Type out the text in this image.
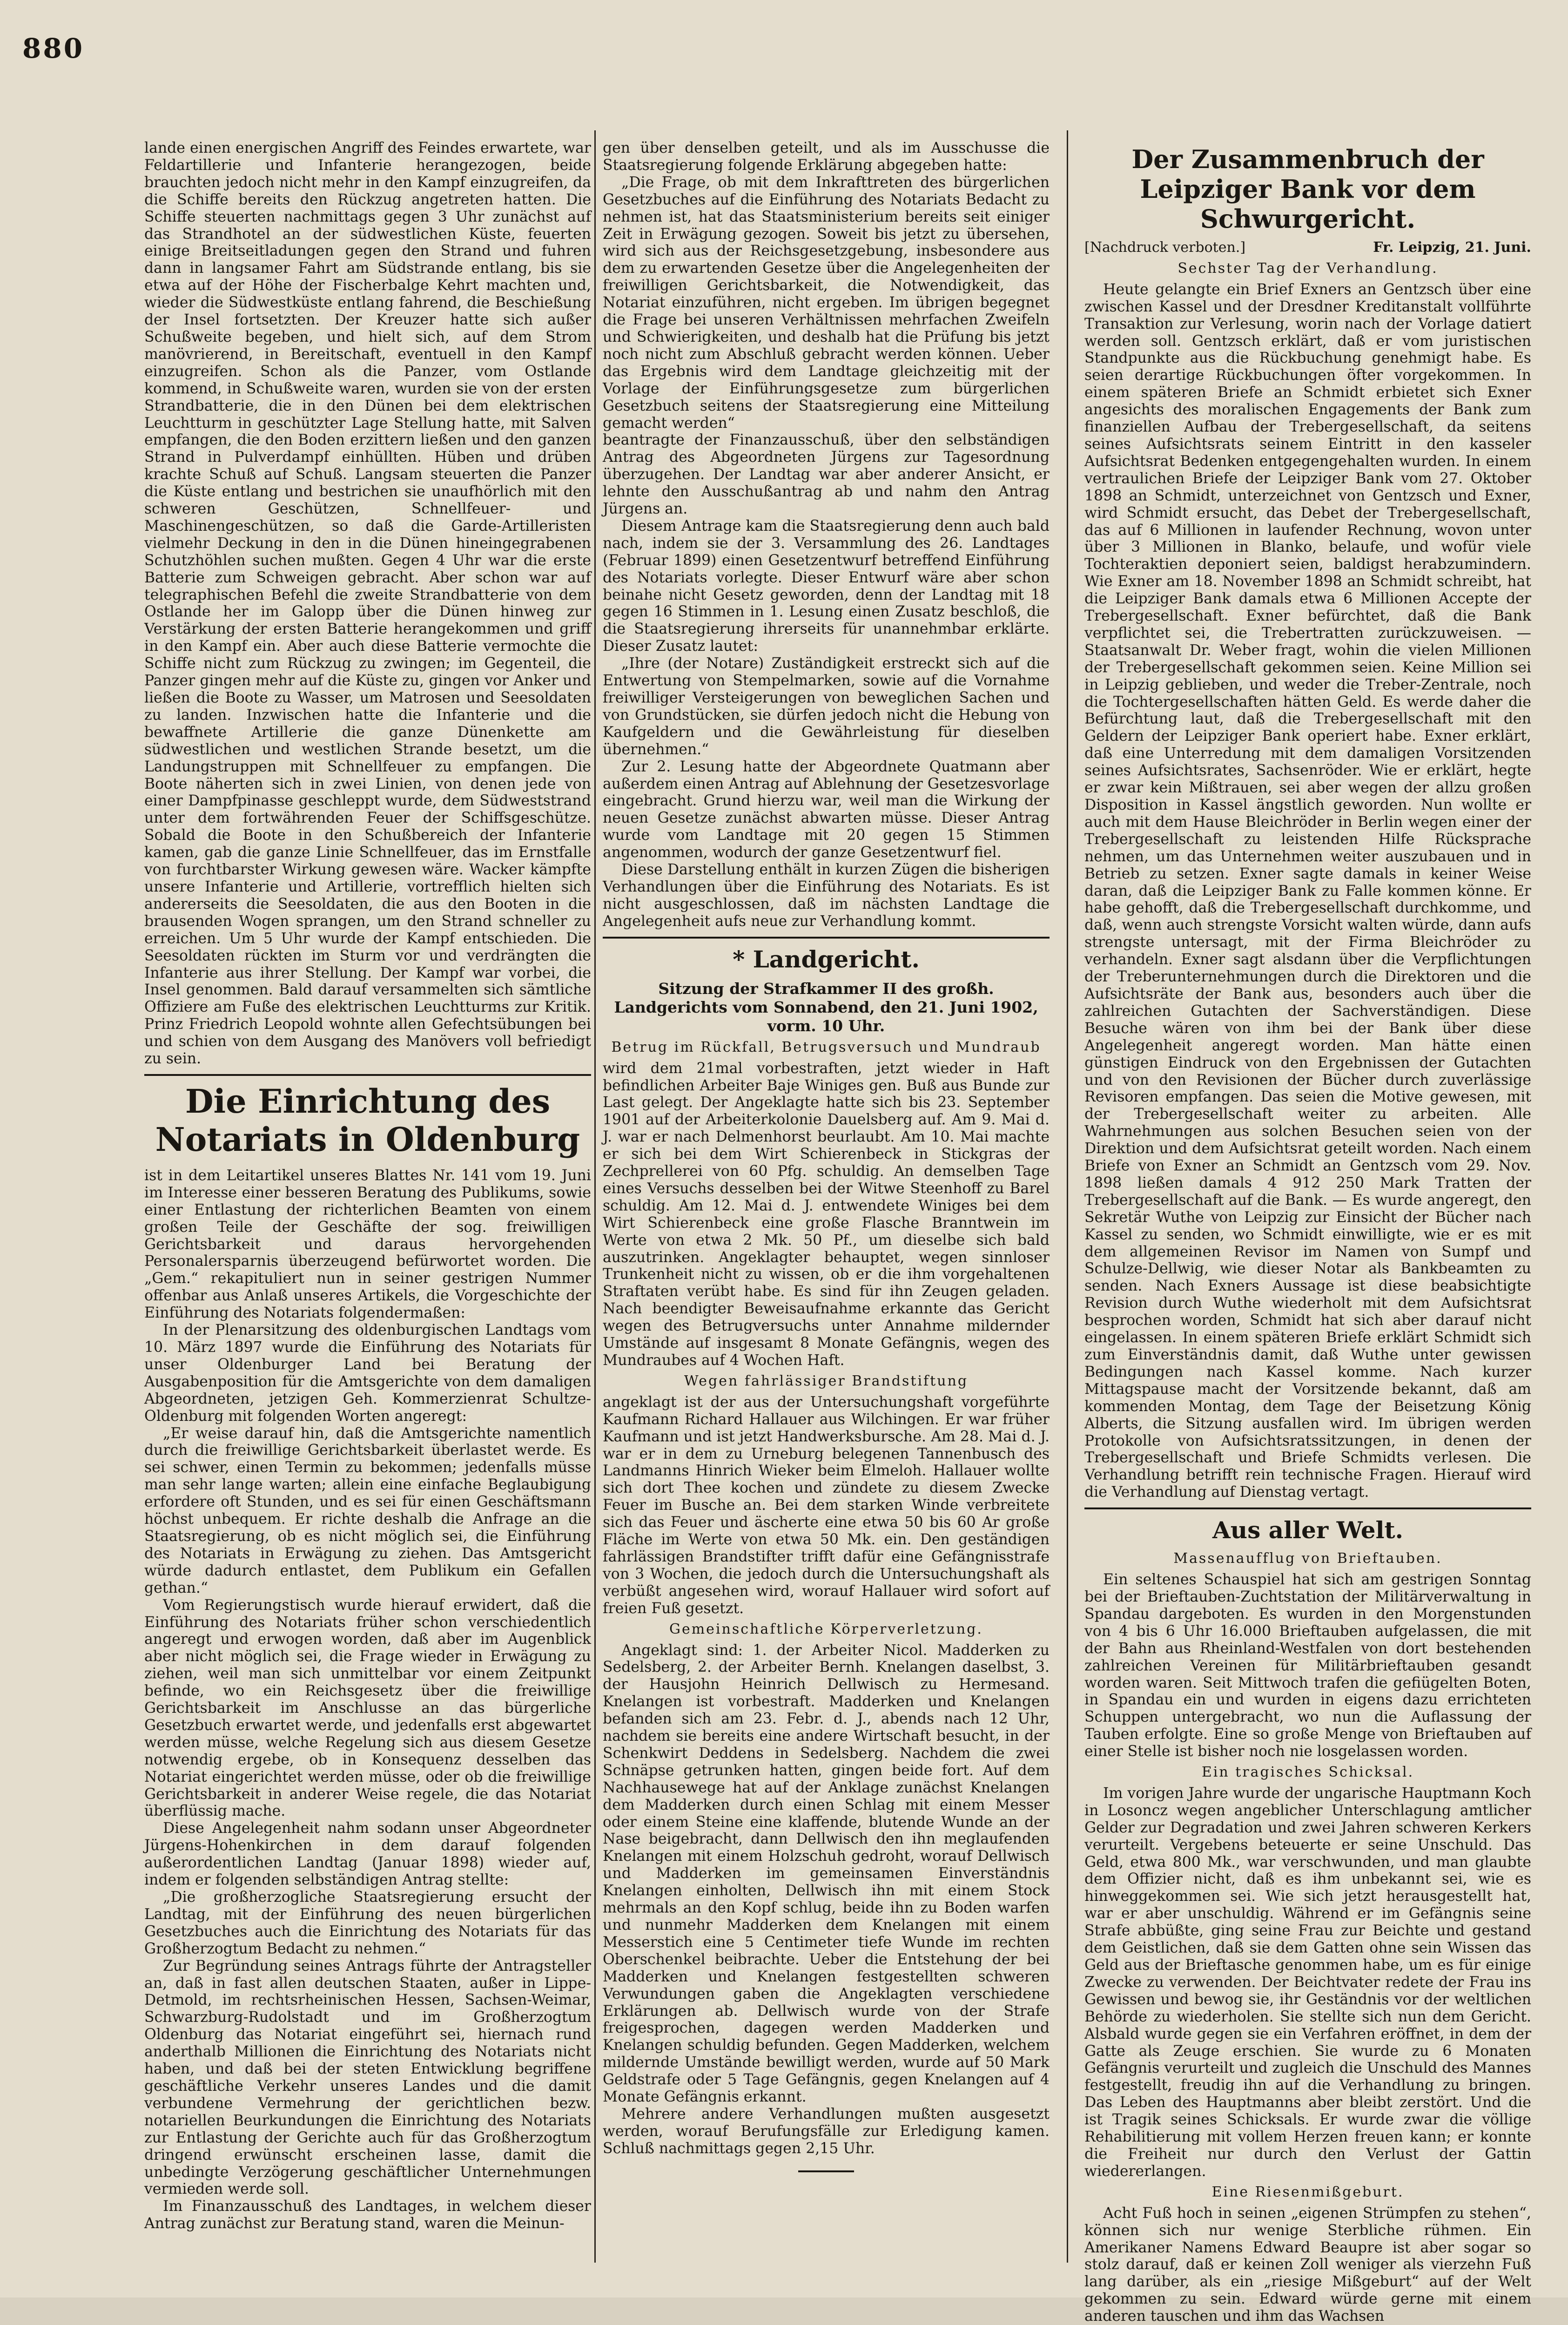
880

lande einen energischen Angriff des Feindes erwartete, war Feldartillerie und Infanterie herangezogen, beide brauchten jedoch nicht mehr in den Kampf einzugreifen, da die Schiffe bereits den Rückzug angetreten hatten. Die Schiffe steuerten nachmittags gegen 3 Uhr zunächst auf das Strandhotel an der südwestlichen Küste, feuerten einige Breitseitladungen gegen den Strand und fuhren dann in langsamer Fahrt am Südstrande entlang, bis sie etwa auf der Höhe der Fischerbalge Kehrt machten und, wieder die Südwestküste entlang fahrend, die Beschießung der Insel fortsetzten. Der Kreuzer hatte sich außer Schußweite begeben, und hielt sich, auf dem Strom manövrierend, in Bereitschaft, eventuell in den Kampf einzugreifen. Schon als die Panzer, vom Ostlande kommend, in Schußweite waren, wurden sie von der ersten Strandbatterie, die in den Dünen bei dem elektrischen Leuchtturm in geschützter Lage Stellung hatte, mit Salven empfangen, die den Boden erzittern ließen und den ganzen Strand in Pulverdampf einhüllten. Hüben und drüben krachte Schuß auf Schuß. Langsam steuerten die Panzer die Küste entlang und bestrichen sie unaufhörlich mit den schweren Geschützen, Schnellfeuer- und Maschinengeschützen, so daß die Garde-Artilleristen vielmehr Deckung in den in die Dünen hineingegrabenen Schutzhöhlen suchen mußten. Gegen 4 Uhr war die erste Batterie zum Schweigen gebracht. Aber schon war auf telegraphischen Befehl die zweite Strandbatterie von dem Ostlande her im Galopp über die Dünen hinweg zur Verstärkung der ersten Batterie herangekommen und griff in den Kampf ein. Aber auch diese Batterie vermochte die Schiffe nicht zum Rückzug zu zwingen; im Gegenteil, die Panzer gingen mehr auf die Küste zu, gingen vor Anker und ließen die Boote zu Wasser, um Matrosen und Seesoldaten zu landen. Inzwischen hatte die Infanterie und die bewaffnete Artillerie die ganze Dünenkette am südwestlichen und westlichen Strande besetzt, um die Landungstruppen mit Schnellfeuer zu empfangen. Die Boote näherten sich in zwei Linien, von denen jede von einer Dampfpinasse geschleppt wurde, dem Südweststrand unter dem fortwährenden Feuer der Schiffsgeschütze. Sobald die Boote in den Schußbereich der Infanterie kamen, gab die ganze Linie Schnellfeuer, das im Ernstfalle von furchtbarster Wirkung gewesen wäre. Wacker kämpfte unsere Infanterie und Artillerie, vortrefflich hielten sich andererseits die Seesoldaten, die aus den Booten in die brausenden Wogen sprangen, um den Strand schneller zu erreichen. Um 5 Uhr wurde der Kampf entschieden. Die Seesoldaten rückten im Sturm vor und verdrängten die Infanterie aus ihrer Stellung. Der Kampf war vorbei, die Insel genommen. Bald darauf versammelten sich sämtliche Offiziere am Fuße des elektrischen Leuchtturms zur Kritik. Prinz Friedrich Leopold wohnte allen Gefechtsübungen bei und schien von dem Ausgang des Manövers voll befriedigt zu sein.

Die Einrichtung des Notariats in Oldenburg

ist in dem Leitartikel unseres Blattes Nr. 141 vom 19. Juni im Interesse einer besseren Beratung des Publikums, sowie einer Entlastung der richterlichen Beamten von einem großen Teile der Geschäfte der sog. freiwilligen Gerichtsbarkeit und daraus hervorgehenden Personalersparnis überzeugend befürwortet worden. Die „Gem.“ rekapituliert nun in seiner gestrigen Nummer offenbar aus Anlaß unseres Artikels, die Vorgeschichte der Einführung des Notariats folgendermaßen:

In der Plenarsitzung des oldenburgischen Landtags vom 10. März 1897 wurde die Einführung des Notariats für unser Oldenburger Land bei Beratung der Ausgabenposition für die Amtsgerichte von dem damaligen Abgeordneten, jetzigen Geh. Kommerzienrat Schultze-Oldenburg mit folgenden Worten angeregt:

„Er weise darauf hin, daß die Amtsgerichte namentlich durch die freiwillige Gerichtsbarkeit überlastet werde. Es sei schwer, einen Termin zu bekommen; jedenfalls müsse man sehr lange warten; allein eine einfache Beglaubigung erfordere oft Stunden, und es sei für einen Geschäftsmann höchst unbequem. Er richte deshalb die Anfrage an die Staatsregierung, ob es nicht möglich sei, die Einführung des Notariats in Erwägung zu ziehen. Das Amtsgericht würde dadurch entlastet, dem Publikum ein Gefallen gethan.“

Vom Regierungstisch wurde hierauf erwidert, daß die Einführung des Notariats früher schon verschiedentlich angeregt und erwogen worden, daß aber im Augenblick aber nicht möglich sei, die Frage wieder in Erwägung zu ziehen, weil man sich unmittelbar vor einem Zeitpunkt befinde, wo ein Reichsgesetz über die freiwillige Gerichtsbarkeit im Anschlusse an das bürgerliche Gesetzbuch erwartet werde, und jedenfalls erst abgewartet werden müsse, welche Regelung sich aus diesem Gesetze notwendig ergebe, ob in Konsequenz desselben das Notariat eingerichtet werden müsse, oder ob die freiwillige Gerichtsbarkeit in anderer Weise regele, die das Notariat überflüssig mache.

Diese Angelegenheit nahm sodann unser Abgeordneter Jürgens-Hohenkirchen in dem darauf folgenden außerordentlichen Landtag (Januar 1898) wieder auf, indem er folgenden selbständigen Antrag stellte:

„Die großherzogliche Staatsregierung ersucht der Landtag, mit der Einführung des neuen bürgerlichen Gesetzbuches auch die Einrichtung des Notariats für das Großherzogtum Bedacht zu nehmen.“

Zur Begründung seines Antrags führte der Antragsteller an, daß in fast allen deutschen Staaten, außer in Lippe-Detmold, im rechtsrheinischen Hessen, Sachsen-Weimar, Schwarzburg-Rudolstadt und im Großherzogtum Oldenburg das Notariat eingeführt sei, hiernach rund anderthalb Millionen die Einrichtung des Notariats nicht haben, und daß bei der steten Entwicklung begriffene geschäftliche Verkehr unseres Landes und die damit verbundene Vermehrung der gerichtlichen bezw. notariellen Beurkundungen die Einrichtung des Notariats zur Entlastung der Gerichte auch für das Großherzogtum dringend erwünscht erscheinen lasse, damit die unbedingte Verzögerung geschäftlicher Unternehmungen vermieden werde soll.

Im Finanzausschuß des Landtages, in welchem dieser Antrag zunächst zur Beratung stand, waren die Meinun-

gen über denselben geteilt, und als im Ausschusse die Staatsregierung folgende Erklärung abgegeben hatte:

„Die Frage, ob mit dem Inkrafttreten des bürgerlichen Gesetzbuches auf die Einführung des Notariats Bedacht zu nehmen ist, hat das Staatsministerium bereits seit einiger Zeit in Erwägung gezogen. Soweit bis jetzt zu übersehen, wird sich aus der Reichsgesetzgebung, insbesondere aus dem zu erwartenden Gesetze über die Angelegenheiten der freiwilligen Gerichtsbarkeit, die Notwendigkeit, das Notariat einzuführen, nicht ergeben. Im übrigen begegnet die Frage bei unseren Verhältnissen mehrfachen Zweifeln und Schwierigkeiten, und deshalb hat die Prüfung bis jetzt noch nicht zum Abschluß gebracht werden können. Ueber das Ergebnis wird dem Landtage gleichzeitig mit der Vorlage der Einführungsgesetze zum bürgerlichen Gesetzbuch seitens der Staatsregierung eine Mitteilung gemacht werden“

beantragte der Finanzausschuß, über den selbständigen Antrag des Abgeordneten Jürgens zur Tagesordnung überzugehen. Der Landtag war aber anderer Ansicht, er lehnte den Ausschußantrag ab und nahm den Antrag Jürgens an.

Diesem Antrage kam die Staatsregierung denn auch bald nach, indem sie der 3. Versammlung des 26. Landtages (Februar 1899) einen Gesetzentwurf betreffend Einführung des Notariats vorlegte. Dieser Entwurf wäre aber schon beinahe nicht Gesetz geworden, denn der Landtag mit 18 gegen 16 Stimmen in 1. Lesung einen Zusatz beschloß, die die Staatsregierung ihrerseits für unannehmbar erklärte. Dieser Zusatz lautet:

„Ihre (der Notare) Zuständigkeit erstreckt sich auf die Entwertung von Stempelmarken, sowie auf die Vornahme freiwilliger Versteigerungen von beweglichen Sachen und von Grundstücken, sie dürfen jedoch nicht die Hebung von Kaufgeldern und die Gewährleistung für dieselben übernehmen.“

Zur 2. Lesung hatte der Abgeordnete Quatmann aber außerdem einen Antrag auf Ablehnung der Gesetzesvorlage eingebracht. Grund hierzu war, weil man die Wirkung der neuen Gesetze zunächst abwarten müsse. Dieser Antrag wurde vom Landtage mit 20 gegen 15 Stimmen angenommen, wodurch der ganze Gesetzentwurf fiel.

Diese Darstellung enthält in kurzen Zügen die bisherigen Verhandlungen über die Einführung des Notariats. Es ist nicht ausgeschlossen, daß im nächsten Landtage die Angelegenheit aufs neue zur Verhandlung kommt.

* Landgericht.
Sitzung der Strafkammer II des großh. Landgerichts vom Sonnabend, den 21. Juni 1902, vorm. 10 Uhr.
Betrug im Rückfall, Betrugsversuch und Mundraub

wird dem 21mal vorbestraften, jetzt wieder in Haft befindlichen Arbeiter Baje Winiges gen. Buß aus Bunde zur Last gelegt. Der Angeklagte hatte sich bis 23. September 1901 auf der Arbeiterkolonie Dauelsberg auf. Am 9. Mai d. J. war er nach Delmenhorst beurlaubt. Am 10. Mai machte er sich bei dem Wirt Schierenbeck in Stickgras der Zechprellerei von 60 Pfg. schuldig. An demselben Tage eines Versuchs desselben bei der Witwe Steenhoff zu Barel schuldig. Am 12. Mai d. J. entwendete Winiges bei dem Wirt Schierenbeck eine große Flasche Branntwein im Werte von etwa 2 Mk. 50 Pf., um dieselbe sich bald auszutrinken. Angeklagter behauptet, wegen sinnloser Trunkenheit nicht zu wissen, ob er die ihm vorgehaltenen Straftaten verübt habe. Es sind für ihn Zeugen geladen. Nach beendigter Beweisaufnahme erkannte das Gericht wegen des Betrugversuchs unter Annahme mildernder Umstände auf insgesamt 8 Monate Gefängnis, wegen des Mundraubes auf 4 Wochen Haft.

Wegen fahrlässiger Brandstiftung

angeklagt ist der aus der Untersuchungshaft vorgeführte Kaufmann Richard Hallauer aus Wilchingen. Er war früher Kaufmann und ist jetzt Handwerksbursche. Am 28. Mai d. J. war er in dem zu Urneburg belegenen Tannenbusch des Landmanns Hinrich Wieker beim Elmeloh. Hallauer wollte sich dort Thee kochen und zündete zu diesem Zwecke Feuer im Busche an. Bei dem starken Winde verbreitete sich das Feuer und äscherte eine etwa 50 bis 60 Ar große Fläche im Werte von etwa 50 Mk. ein. Den geständigen fahrlässigen Brandstifter trifft dafür eine Gefängnisstrafe von 3 Wochen, die jedoch durch die Untersuchungshaft als verbüßt angesehen wird, worauf Hallauer wird sofort auf freien Fuß gesetzt.

Gemeinschaftliche Körperverletzung.

Angeklagt sind: 1. der Arbeiter Nicol. Madderken zu Sedelsberg, 2. der Arbeiter Bernh. Knelangen daselbst, 3. der Hausjohn Heinrich Dellwisch zu Hermesand. Knelangen ist vorbestraft. Madderken und Knelangen befanden sich am 23. Febr. d. J., abends nach 12 Uhr, nachdem sie bereits eine andere Wirtschaft besucht, in der Schenkwirt Deddens in Sedelsberg. Nachdem die zwei Schnäpse getrunken hatten, gingen beide fort. Auf dem Nachhausewege hat auf der Anklage zunächst Knelangen dem Madderken durch einen Schlag mit einem Messer oder einem Steine eine klaffende, blutende Wunde an der Nase beigebracht, dann Dellwisch den ihn meglaufenden Knelangen mit einem Holzschuh gedroht, worauf Dellwisch und Madderken im gemeinsamen Einverständnis Knelangen einholten, Dellwisch ihn mit einem Stock mehrmals an den Kopf schlug, beide ihn zu Boden warfen und nunmehr Madderken dem Knelangen mit einem Messerstich eine 5 Centimeter tiefe Wunde im rechten Oberschenkel beibrachte. Ueber die Entstehung der bei Madderken und Knelangen festgestellten schweren Verwundungen gaben die Angeklagten verschiedene Erklärungen ab. Dellwisch wurde von der Strafe freigesprochen, dagegen werden Madderken und Knelangen schuldig befunden. Gegen Madderken, welchem mildernde Umstände bewilligt werden, wurde auf 50 Mark Geldstrafe oder 5 Tage Gefängnis, gegen Knelangen auf 4 Monate Gefängnis erkannt.

Mehrere andere Verhandlungen mußten ausgesetzt werden, worauf Berufungsfälle zur Erledigung kamen. Schluß nachmittags gegen 2,15 Uhr.

Der Zusammenbruch der Leipziger Bank vor dem Schwurgericht.
[Nachdruck verboten.]	Fr. Leipzig, 21. Juni.
Sechster Tag der Verhandlung.

Heute gelangte ein Brief Exners an Gentzsch über eine zwischen Kassel und der Dresdner Kreditanstalt vollführte Transaktion zur Verlesung, worin nach der Vorlage datiert werden soll. Gentzsch erklärt, daß er vom juristischen Standpunkte aus die Rückbuchung genehmigt habe. Es seien derartige Rückbuchungen öfter vorgekommen. In einem späteren Briefe an Schmidt erbietet sich Exner angesichts des moralischen Engagements der Bank zum finanziellen Aufbau der Trebergesellschaft, da seitens seines Aufsichtsrats seinem Eintritt in den kasseler Aufsichtsrat Bedenken entgegengehalten wurden. In einem vertraulichen Briefe der Leipziger Bank vom 27. Oktober 1898 an Schmidt, unterzeichnet von Gentzsch und Exner, wird Schmidt ersucht, das Debet der Trebergesellschaft, das auf 6 Millionen in laufender Rechnung, wovon unter über 3 Millionen in Blanko, belaufe, und wofür viele Tochteraktien deponiert seien, baldigst herabzumindern. Wie Exner am 18. November 1898 an Schmidt schreibt, hat die Leipziger Bank damals etwa 6 Millionen Accepte der Trebergesellschaft. Exner befürchtet, daß die Bank verpflichtet sei, die Trebertratten zurückzuweisen. — Staatsanwalt Dr. Weber fragt, wohin die vielen Millionen der Trebergesellschaft gekommen seien. Keine Million sei in Leipzig geblieben, und weder die Treber-Zentrale, noch die Tochtergesellschaften hätten Geld. Es werde daher die Befürchtung laut, daß die Trebergesellschaft mit den Geldern der Leipziger Bank operiert habe. Exner erklärt, daß eine Unterredung mit dem damaligen Vorsitzenden seines Aufsichtsrates, Sachsenröder. Wie er erklärt, hegte er zwar kein Mißtrauen, sei aber wegen der allzu großen Disposition in Kassel ängstlich geworden. Nun wollte er auch mit dem Hause Bleichröder in Berlin wegen einer der Trebergesellschaft zu leistenden Hilfe Rücksprache nehmen, um das Unternehmen weiter auszubauen und in Betrieb zu setzen. Exner sagte damals in keiner Weise daran, daß die Leipziger Bank zu Falle kommen könne. Er habe gehofft, daß die Trebergesellschaft durchkomme, und daß, wenn auch strengste Vorsicht walten würde, dann aufs strengste untersagt, mit der Firma Bleichröder zu verhandeln. Exner sagt alsdann über die Verpflichtungen der Treberunternehmungen durch die Direktoren und die Aufsichtsräte der Bank aus, besonders auch über die zahlreichen Gutachten der Sachverständigen. Diese Besuche wären von ihm bei der Bank über diese Angelegenheit angeregt worden. Man hätte einen günstigen Eindruck von den Ergebnissen der Gutachten und von den Revisionen der Bücher durch zuverlässige Revisoren empfangen. Das seien die Motive gewesen, mit der Trebergesellschaft weiter zu arbeiten. Alle Wahrnehmungen aus solchen Besuchen seien von der Direktion und dem Aufsichtsrat geteilt worden. Nach einem Briefe von Exner an Schmidt an Gentzsch vom 29. Nov. 1898 ließen damals 4 912 250 Mark Tratten der Trebergesellschaft auf die Bank. — Es wurde angeregt, den Sekretär Wuthe von Leipzig zur Einsicht der Bücher nach Kassel zu senden, wo Schmidt einwilligte, wie er es mit dem allgemeinen Revisor im Namen von Sumpf und Schulze-Dellwig, wie dieser Notar als Bankbeamten zu senden. Nach Exners Aussage ist diese beabsichtigte Revision durch Wuthe wiederholt mit dem Aufsichtsrat besprochen worden, Schmidt hat sich aber darauf nicht eingelassen. In einem späteren Briefe erklärt Schmidt sich zum Einverständnis damit, daß Wuthe unter gewissen Bedingungen nach Kassel komme. Nach kurzer Mittagspause macht der Vorsitzende bekannt, daß am kommenden Montag, dem Tage der Beisetzung König Alberts, die Sitzung ausfallen wird. Im übrigen werden Protokolle von Aufsichtsratssitzungen, in denen der Trebergesellschaft und Briefe Schmidts verlesen. Die Verhandlung betrifft rein technische Fragen. Hierauf wird die Verhandlung auf Dienstag vertagt.

Aus aller Welt.
Massenaufflug von Brieftauben.

Ein seltenes Schauspiel hat sich am gestrigen Sonntag bei der Brieftauben-Zuchtstation der Militärverwaltung in Spandau dargeboten. Es wurden in den Morgenstunden von 4 bis 6 Uhr 16.000 Brieftauben aufgelassen, die mit der Bahn aus Rheinland-Westfalen von dort bestehenden zahlreichen Vereinen für Militärbrieftauben gesandt worden waren. Seit Mittwoch trafen die gefiügelten Boten, in Spandau ein und wurden in eigens dazu errichteten Schuppen untergebracht, wo nun die Auflassung der Tauben erfolgte. Eine so große Menge von Brieftauben auf einer Stelle ist bisher noch nie losgelassen worden.

Ein tragisches Schicksal.

Im vorigen Jahre wurde der ungarische Hauptmann Koch in Losoncz wegen angeblicher Unterschlagung amtlicher Gelder zur Degradation und zwei Jahren schweren Kerkers verurteilt. Vergebens beteuerte er seine Unschuld. Das Geld, etwa 800 Mk., war verschwunden, und man glaubte dem Offizier nicht, daß es ihm unbekannt sei, wie es hinweggekommen sei. Wie sich jetzt herausgestellt hat, war er aber unschuldig. Während er im Gefängnis seine Strafe abbüßte, ging seine Frau zur Beichte und gestand dem Geistlichen, daß sie dem Gatten ohne sein Wissen das Geld aus der Brieftasche genommen habe, um es für einige Zwecke zu verwenden. Der Beichtvater redete der Frau ins Gewissen und bewog sie, ihr Geständnis vor der weltlichen Behörde zu wiederholen. Sie stellte sich nun dem Gericht. Alsbald wurde gegen sie ein Verfahren eröffnet, in dem der Gatte als Zeuge erschien. Sie wurde zu 6 Monaten Gefängnis verurteilt und zugleich die Unschuld des Mannes festgestellt, freudig ihn auf die Verhandlung zu bringen. Das Leben des Hauptmanns aber bleibt zerstört. Und die ist Tragik seines Schicksals. Er wurde zwar die völlige Rehabilitierung mit vollem Herzen freuen kann; er konnte die Freiheit nur durch den Verlust der Gattin wiedererlangen.

Eine Riesenmißgeburt.

Acht Fuß hoch in seinen „eigenen Strümpfen zu stehen“, können sich nur wenige Sterbliche rühmen. Ein Amerikaner Namens Edward Beaupre ist aber sogar so stolz darauf, daß er keinen Zoll weniger als vierzehn Fuß lang darüber, als ein „riesige Mißgeburt“ auf der Welt gekommen zu sein. Edward würde gerne mit einem anderen tauschen und ihm das Wachsen
